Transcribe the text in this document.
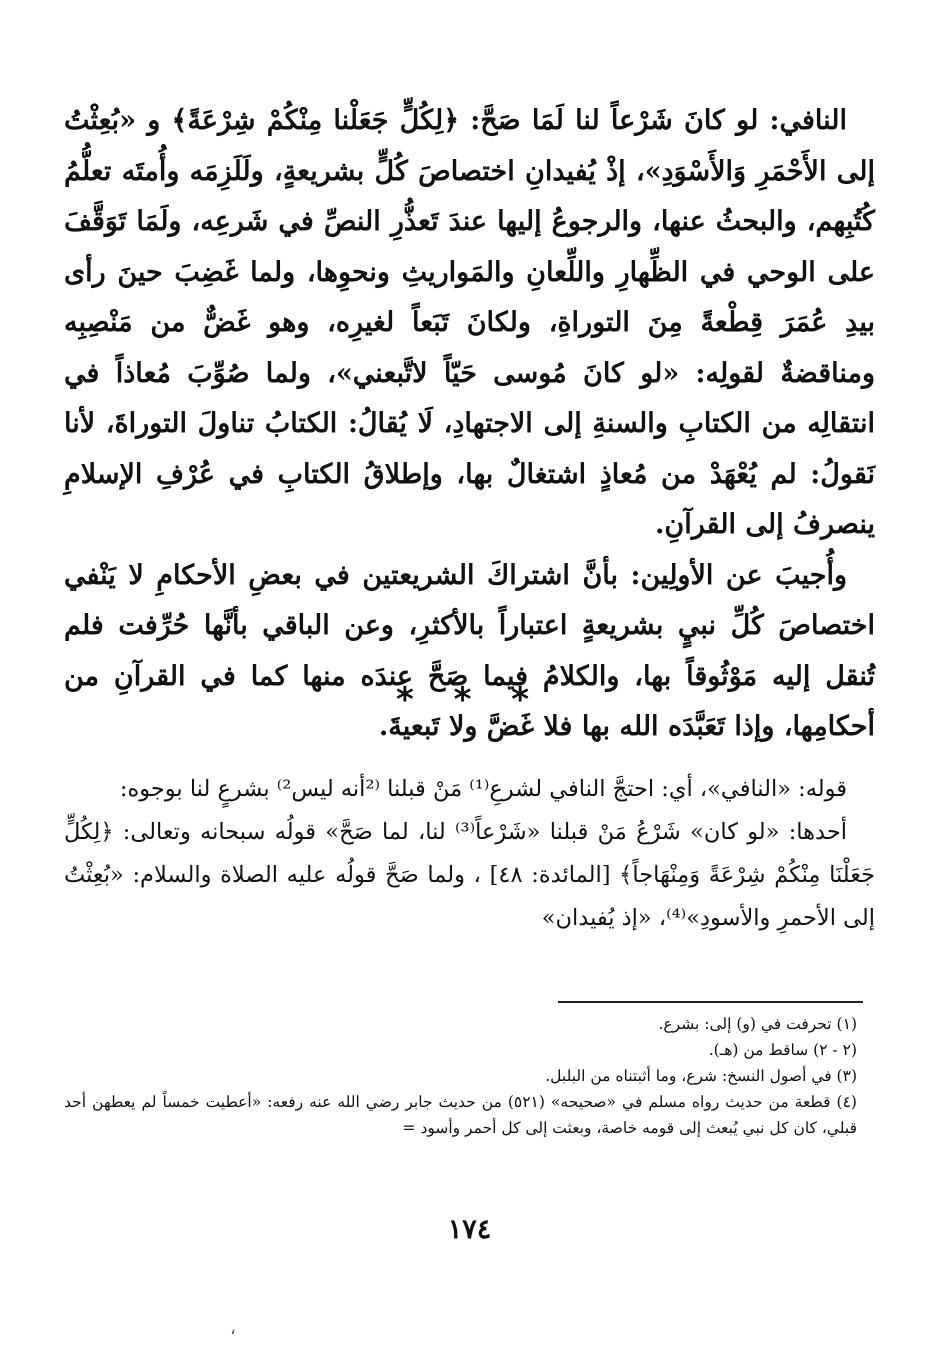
النافي: لو كانَ شَرْعاً لنا لَمَا صَحَّ: ﴿لِكُلٍّ جَعَلْنا مِنْكُمْ شِرْعَةً﴾ و «بُعِثْتُ إلى الأَحْمَرِ وَالأَسْوَدِ»، إذْ يُفيدانِ اختصاصَ كُلٍّ بشريعةٍ، ولَلَزِمَه وأُمتَه تعلُّمُ كُتُبِهم، والبحثُ عنها، والرجوعُ إليها عندَ تَعذُّرِ النصِّ في شَرعِه، ولَمَا تَوَقَّفَ على الوحي في الظِّهارِ واللِّعانِ والمَواريثِ ونحوِها، ولما غَضِبَ حينَ رأى بيدِ عُمَرَ قِطْعةً مِنَ التوراةِ، ولكانَ تَبَعاً لغيرِه، وهو غَضٌّ من مَنْصِبِه ومناقضةٌ لقولِه: «لو كانَ مُوسى حَيّاً لاتَّبعني»، ولما صُوِّبَ مُعاذاً في انتقالِه من الكتابِ والسنةِ إلى الاجتهادِ، لَا يُقالُ: الكتابُ تناولَ التوراةَ، لأنا نَقولُ: لم يُعْهَدْ من مُعاذٍ اشتغالٌ بها، وإطلاقُ الكتابِ في عُرْفِ الإسلامِ ينصرفُ إلى القرآنِ.

وأُجيبَ عن الأولِين: بأنَّ اشتراكَ الشريعتين في بعضِ الأحكامِ لا يَنْفي اختصاصَ كُلِّ نبيٍ بشريعةٍ اعتباراً بالأكثرِ، وعن الباقي بأنَّها حُرِّفت فلم تُنقل إليه مَوْثُوقاً بها، والكلامُ فيما صَحَّ عندَه منها كما في القرآنِ من أحكامِها، وإذا تَعَبَّدَه الله بها فلا غَضَّ ولا تَبعيةَ.

* * *

قوله: «النافي»، أي: احتجَّ النافي لشرعِ⁽¹⁾ مَنْ قبلنا ⁽²أنه ليس²⁾ بشرعٍ لنا بوجوه:

أحدها: «لو كان» شَرْعُ مَنْ قبلنا «شَرْعاً⁽³⁾ لنا، لما صَحَّ» قولُه سبحانه وتعالى: ﴿لِكُلٍّ جَعَلْنَا مِنْكُمْ شِرْعَةً وَمِنْهَاجاً﴾ [المائدة: ٤٨] ، ولما صَحَّ قولُه عليه الصلاة والسلام: «بُعِثْتُ إلى الأحمرِ والأسودِ»⁽⁴⁾، «إذ يُفيدان»

(١) تحرفت في (و) إلى: بشرع.

(٢ - ٢) ساقط من (هـ).

(٣) في أصول النسخ: شرع، وما أثبتناه من البلبل.

(٤) قطعة من حديث رواه مسلم في «صحيحه» (٥٢١) من حديث جابر رضي الله عنه رفعه: «أعطيت خمساً لم يعطهن أحد قبلي، كان كل نبي يُبعث إلى قومه خاصة، وبعثت إلى كل أحمر وأسود =

١٧٤
،
